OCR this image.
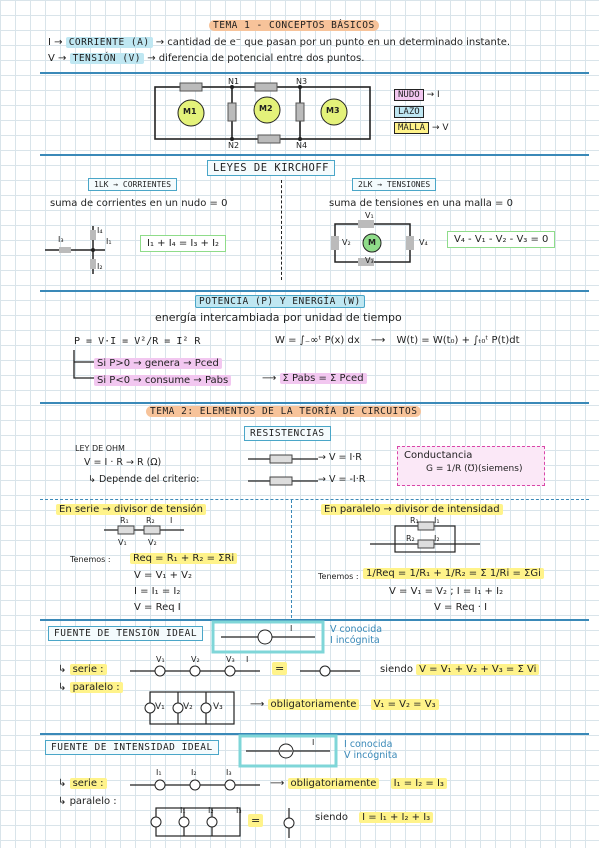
TEMA 1 - CONCEPTOS BÁSICOS
I → CORRIENTE (A) → cantidad de e⁻ que pasan por un punto en un determinado instante.
V → TENSIÓN (V) → diferencia de potencial entre dos puntos.
N1	N3
N2	N4
M1	M2	M3
NUDO → I
LAZO
MALLA → V
LEYES DE KIRCHOFF
1LK → CORRIENTES
suma de corrientes en un nudo = 0
I₃
I₄
I₁
I₂
I₁ + I₄ = I₃ + I₂
2LK → TENSIONES
suma de tensiones en una malla = 0
V₁
V₂
V₃
V₄
M	V₄ - V₁ - V₂ - V₃ = 0
POTENCIA (P) Y ENERGÍA (W)
energía intercambiada por unidad de tiempo
P = V·I = V²/R = I² R	W = ∫₋∞ᵗ P(x) dx ⟶ W(t) = W(t₀) + ∫ₜ₀ᵗ P(t)dt
Si P>0 → genera → Pced
Si P<0 → consume → Pabs	⟶ Σ Pabs = Σ Pced
TEMA 2: ELEMENTOS DE LA TEORÍA DE CIRCUITOS
RESISTENCIAS
LEY DE OHM
V = I · R → R (Ω)
↳ Depende del criterio:
→ V = I·R
→ V = -I·R
Conductancia
G = 1/R (℧)(siemens)
En serie → divisor de tensión
R₁ R₂ I
V₁	V₂
Tenemos :	Req = R₁ + R₂ = ΣRi
V = V₁ + V₂
I = I₁ = I₂
V = Req I
En paralelo → divisor de intensidad
R₁
R₂
I₁
I₂
Tenemos : 1/Req = 1/R₁ + 1/R₂ = Σ 1/Ri = ΣGi
V = V₁ = V₂ ; I = I₁ + I₂
V = Req · I
FUENTE DE TENSIÓN IDEAL	I	V conocida
I incógnita
↳ serie :
V₁	V₂	V₃ I
=	siendo V = V₁ + V₂ + V₃ = Σ Vi
↳ paralelo :
V₁ V₂ V₃	⟶ obligatoriamente V₁ = V₂ = V₃
FUENTE DE INTENSIDAD IDEAL	I	I conocida
V incógnita
↳ serie :
I₁	I₂	I₃
⟶ obligatoriamente I₁ = I₂ = I₃
↳ paralelo :
I₁	I₂	I₃
=	siendo I = I₁ + I₂ + I₃
